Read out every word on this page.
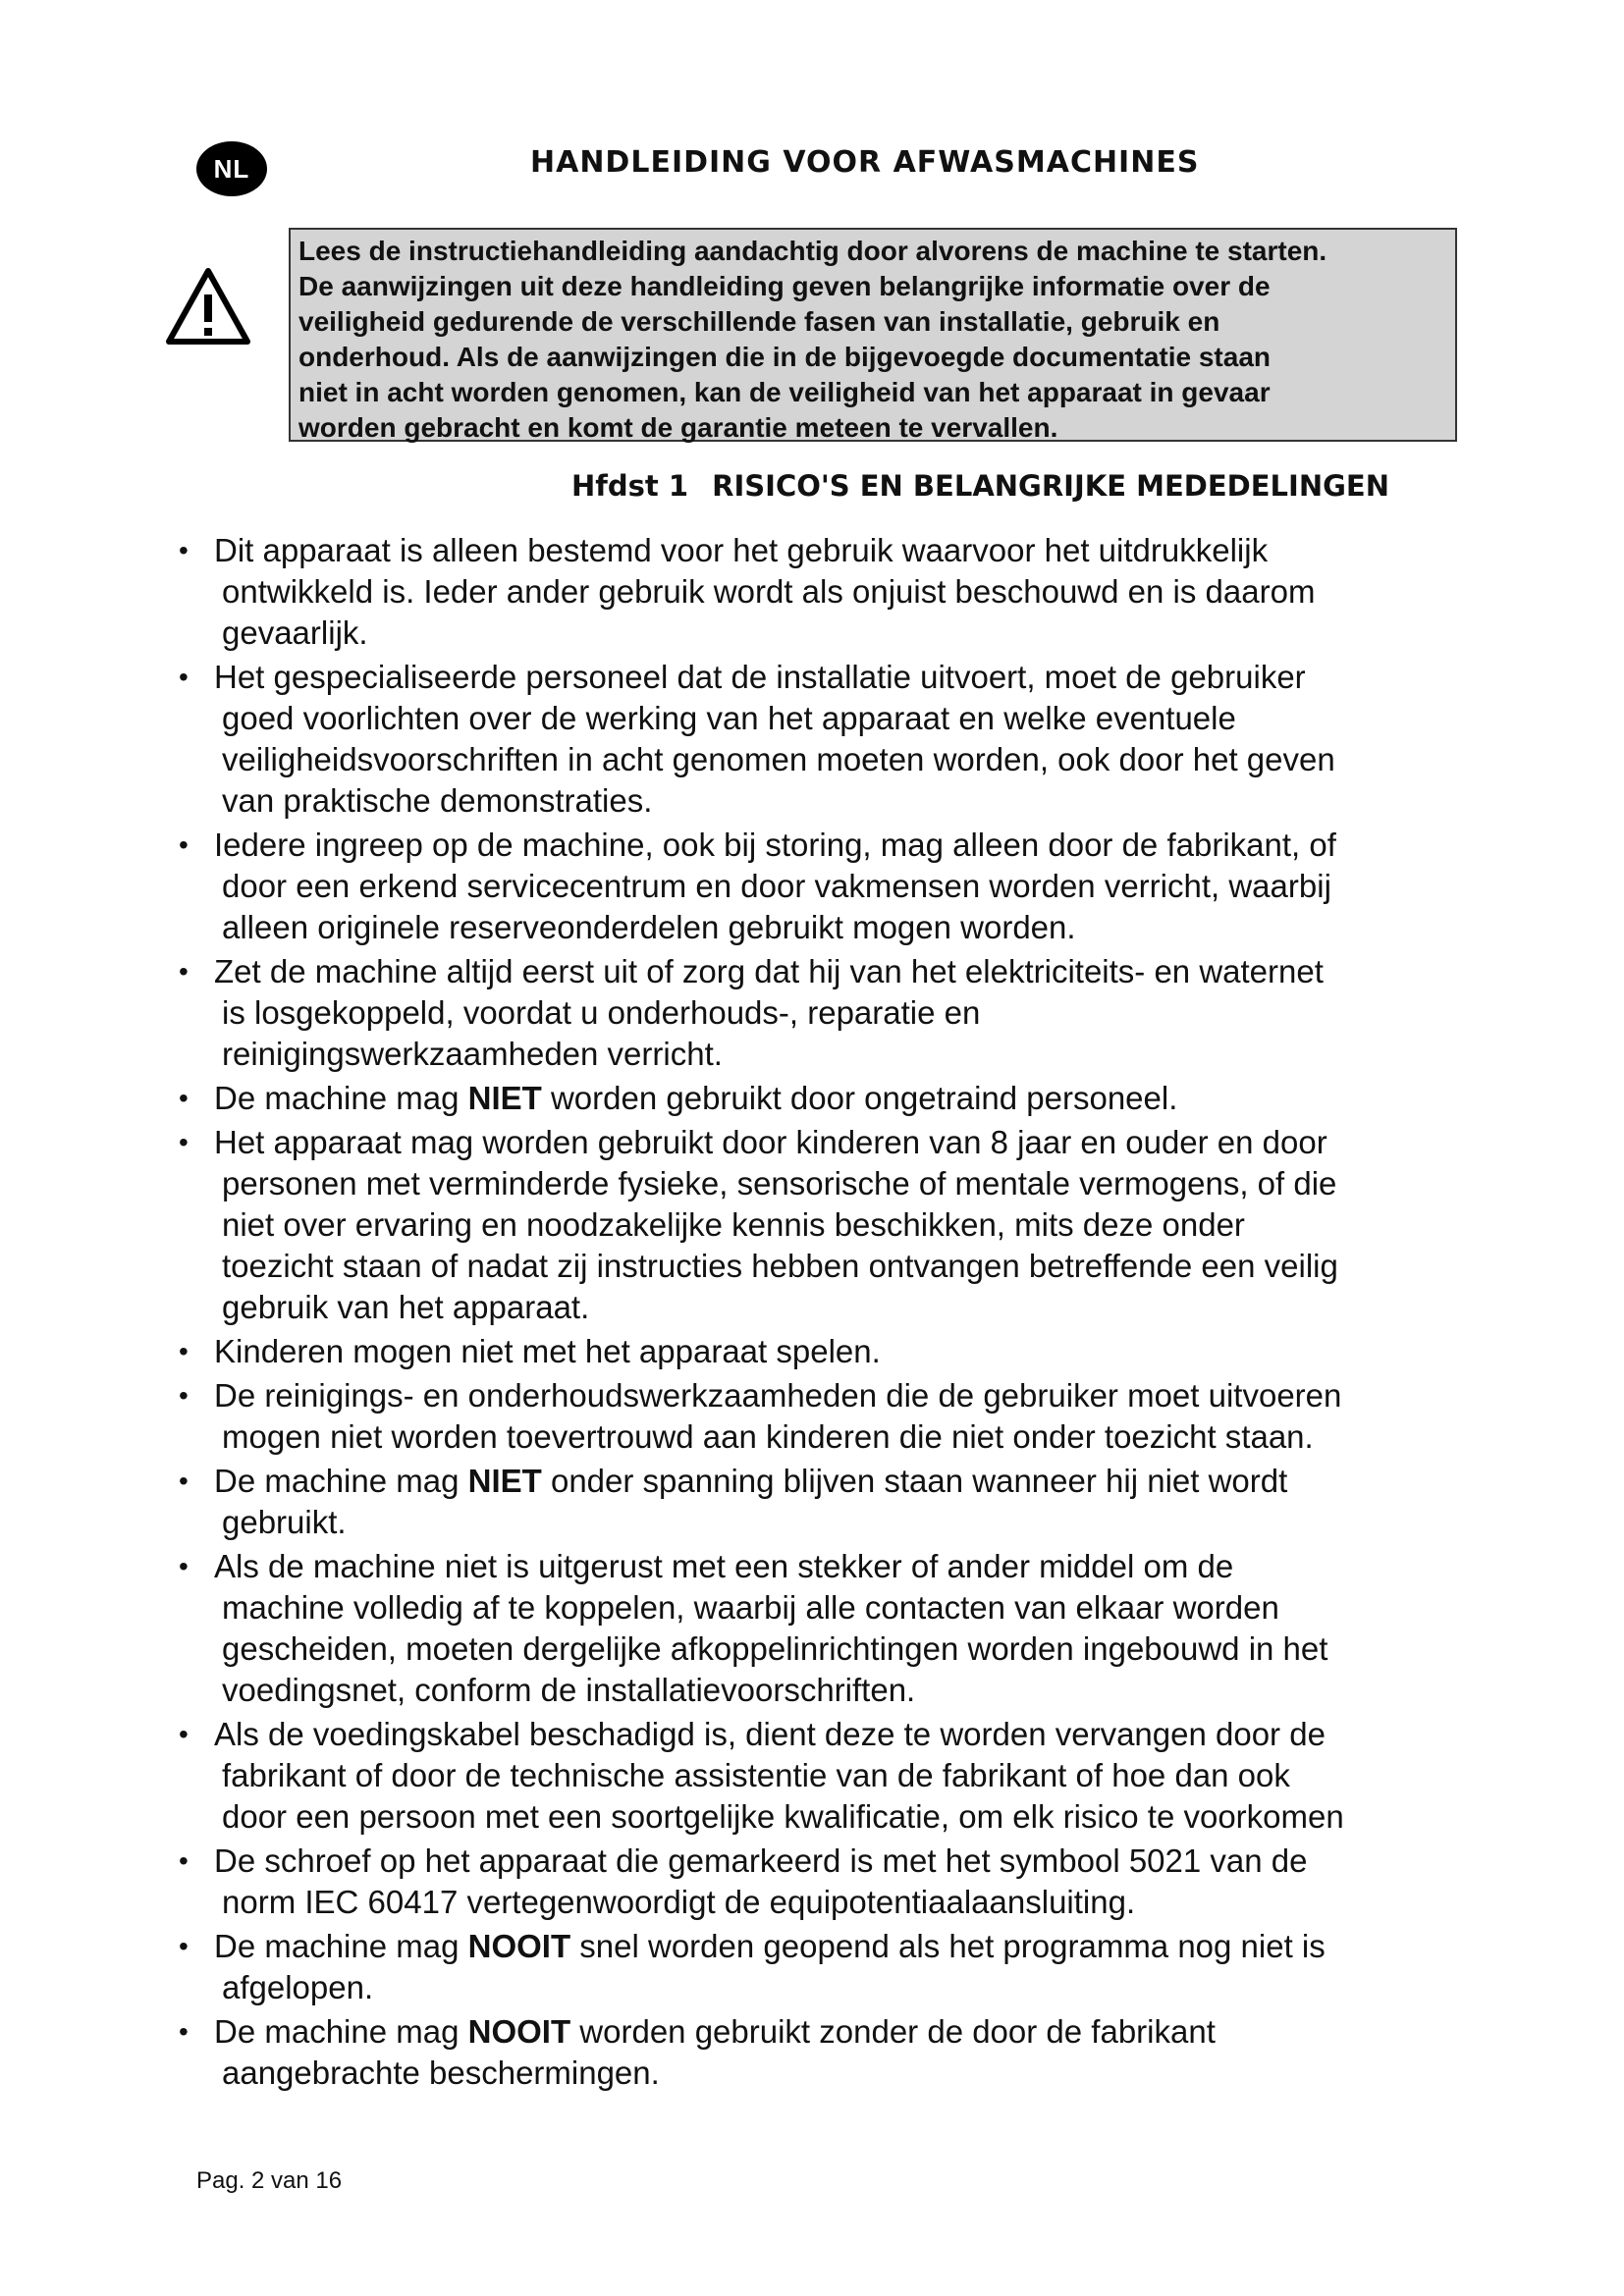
NL	HANDLEIDING VOOR AFWASMACHINES
Lees de instructiehandleiding aandachtig door alvorens de machine te starten.
De aanwijzingen uit deze handleiding geven belangrijke informatie over de
veiligheid gedurende de verschillende fasen van installatie, gebruik en
onderhoud. Als de aanwijzingen die in de bijgevoegde documentatie staan
niet in acht worden genomen, kan de veiligheid van het apparaat in gevaar
worden gebracht en komt de garantie meteen te vervallen.
Hfdst 1 RISICO'S EN BELANGRIJKE MEDEDELINGEN
• Dit apparaat is alleen bestemd voor het gebruik waarvoor het uitdrukkelijk
ontwikkeld is. Ieder ander gebruik wordt als onjuist beschouwd en is daarom
gevaarlijk.
• Het gespecialiseerde personeel dat de installatie uitvoert, moet de gebruiker
goed voorlichten over de werking van het apparaat en welke eventuele
veiligheidsvoorschriften in acht genomen moeten worden, ook door het geven
van praktische demonstraties.
• Iedere ingreep op de machine, ook bij storing, mag alleen door de fabrikant, of
door een erkend servicecentrum en door vakmensen worden verricht, waarbij
alleen originele reserveonderdelen gebruikt mogen worden.
• Zet de machine altijd eerst uit of zorg dat hij van het elektriciteits- en waternet
is losgekoppeld, voordat u onderhouds-, reparatie en
reinigingswerkzaamheden verricht.
• De machine mag NIET worden gebruikt door ongetraind personeel.
• Het apparaat mag worden gebruikt door kinderen van 8 jaar en ouder en door
personen met verminderde fysieke, sensorische of mentale vermogens, of die
niet over ervaring en noodzakelijke kennis beschikken, mits deze onder
toezicht staan of nadat zij instructies hebben ontvangen betreffende een veilig
gebruik van het apparaat.
• Kinderen mogen niet met het apparaat spelen.
• De reinigings- en onderhoudswerkzaamheden die de gebruiker moet uitvoeren
mogen niet worden toevertrouwd aan kinderen die niet onder toezicht staan.
• De machine mag NIET onder spanning blijven staan wanneer hij niet wordt
gebruikt.
• Als de machine niet is uitgerust met een stekker of ander middel om de
machine volledig af te koppelen, waarbij alle contacten van elkaar worden
gescheiden, moeten dergelijke afkoppelinrichtingen worden ingebouwd in het
voedingsnet, conform de installatievoorschriften.
• Als de voedingskabel beschadigd is, dient deze te worden vervangen door de
fabrikant of door de technische assistentie van de fabrikant of hoe dan ook
door een persoon met een soortgelijke kwalificatie, om elk risico te voorkomen
• De schroef op het apparaat die gemarkeerd is met het symbool 5021 van de
norm IEC 60417 vertegenwoordigt de equipotentiaalaansluiting.
• De machine mag NOOIT snel worden geopend als het programma nog niet is
afgelopen.
• De machine mag NOOIT worden gebruikt zonder de door de fabrikant
aangebrachte beschermingen.
Pag. 2 van 16
